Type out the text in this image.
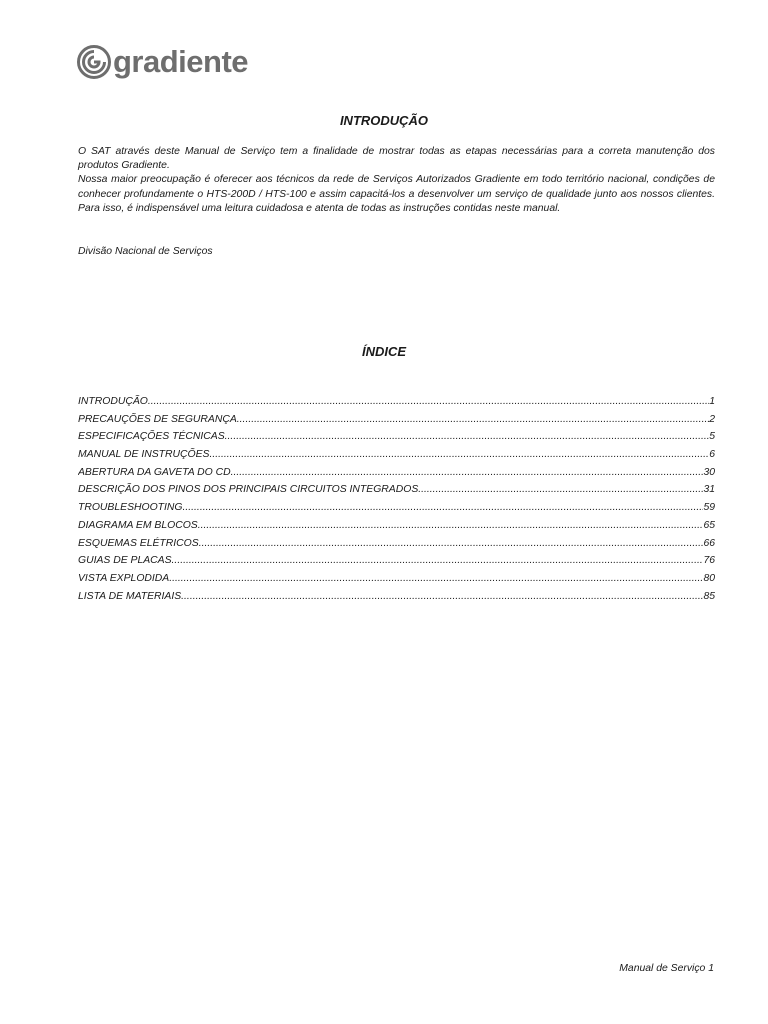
gradiente
INTRODUÇÃO

O SAT através deste Manual de Serviço tem a finalidade de mostrar todas as etapas necessárias para a correta manutenção dos produtos Gradiente.

Nossa maior preocupação é oferecer aos técnicos da rede de Serviços Autorizados Gradiente em todo território nacional, condições de conhecer profundamente o HTS-200D / HTS-100 e assim capacitá-los a desenvolver um serviço de qualidade junto aos nossos clientes. Para isso, é indispensável uma leitura cuidadosa e atenta de todas as instruções contidas neste manual.

Divisão Nacional de Serviços
ÍNDICE
INTRODUÇÃO .....	1
PRECAUÇÕES DE SEGURANÇA .....	2
ESPECIFICAÇÕES TÉCNICAS .....	5
MANUAL DE INSTRUÇÕES .....	6
ABERTURA DA GAVETA DO CD .....	30
DESCRIÇÃO DOS PINOS DOS PRINCIPAIS CIRCUITOS INTEGRADOS .....	31
TROUBLESHOOTING .....	59
DIAGRAMA EM BLOCOS .....	65
ESQUEMAS ELÉTRICOS .....	66
GUIAS DE PLACAS .....	76
VISTA EXPLODIDA .....	80
LISTA DE MATERIAIS .....	85
Manual de Serviço 1
